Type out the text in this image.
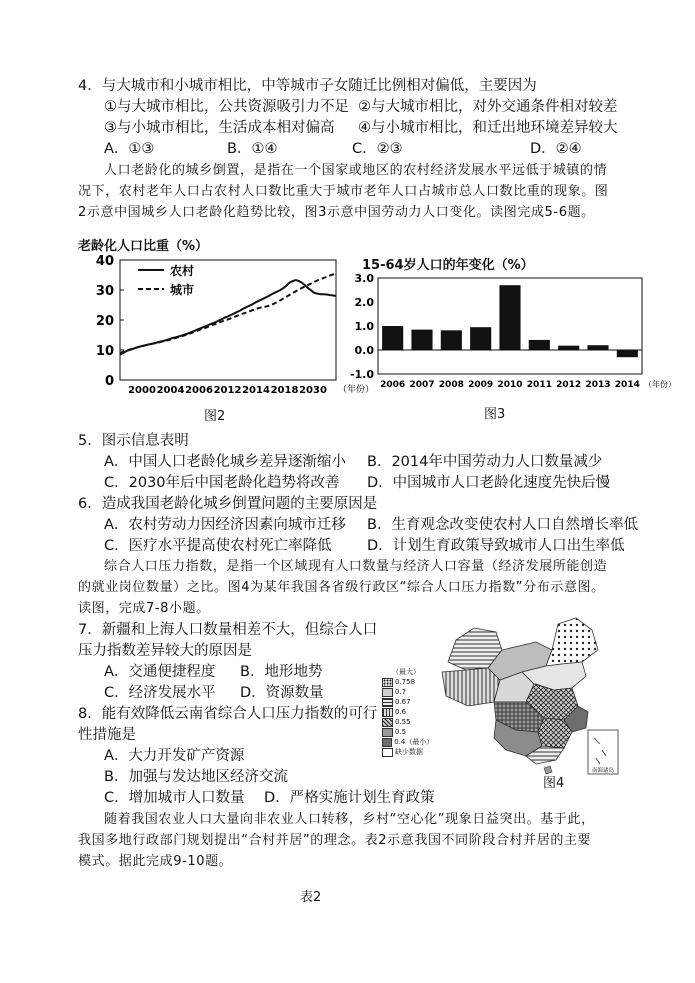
4．与大城市和小城市相比，中等城市子女随迁比例相对偏低，主要因为
①与大城市相比，公共资源吸引力不足 ②与大城市相比，对外交通条件相对较差
③与小城市相比，生活成本相对偏高 ④与小城市相比，和迁出地环境差异较大
A．①③	B．①④	C．②③	D．②④
人口老龄化的城乡倒置，是指在一个国家或地区的农村经济发展水平远低于城镇的情
况下，农村老年人口占农村人口数比重大于城市老年人口占城市总人口数比重的现象。图
2示意中国城乡人口老龄化趋势比较，图3示意中国劳动力人口变化。读图完成5-6题。
老龄化人口比重（%）
0
10
20
30
40
2000 2004 2006 2012 2014 2018 2030 （年份）
农村
城市
图2
15-64岁人口的年变化（%）
3.0
2.0
1.0
0.0
-1.0
2006 2007 2008 2009 2010 2011 2012 2013 2014 （年份）
图3
5．图示信息表明
A．中国人口老龄化城乡差异逐渐缩小 B．2014年中国劳动力人口数量减少
C．2030年后中国老龄化趋势将改善 D．中国城市人口老龄化速度先快后慢
6．造成我国老龄化城乡倒置问题的主要原因是
A．农村劳动力因经济因素向城市迁移 B．生育观念改变使农村人口自然增长率低
C．医疗水平提高使农村死亡率降低 D．计划生育政策导致城市人口出生率低
综合人口压力指数，是指一个区域现有人口数量与经济人口容量（经济发展所能创造
的就业岗位数量）之比。图4为某年我国各省级行政区“综合人口压力指数”分布示意图。
读图，完成7-8小题。
7．新疆和上海人口数量相差不大，但综合人口
压力指数差异较大的原因是
A．交通便捷程度 B．地形地势
C．经济发展水平 D．资源数量
8．能有效降低云南省综合人口压力指数的可行
性措施是
A．大力开发矿产资源
B．加强与发达地区经济交流
C．增加城市人口数量 D．严格实施计划生育政策
南海诸岛
（最大）
0.758
0.7
0.67
0.6
0.55
0.5
0.4（最小）
缺少数据
图4
随着我国农业人口大量向非农业人口转移，乡村“空心化”现象日益突出。基于此，
我国多地行政部门规划提出“合村并居”的理念。表2示意我国不同阶段合村并居的主要
模式。据此完成9-10题。
表2
